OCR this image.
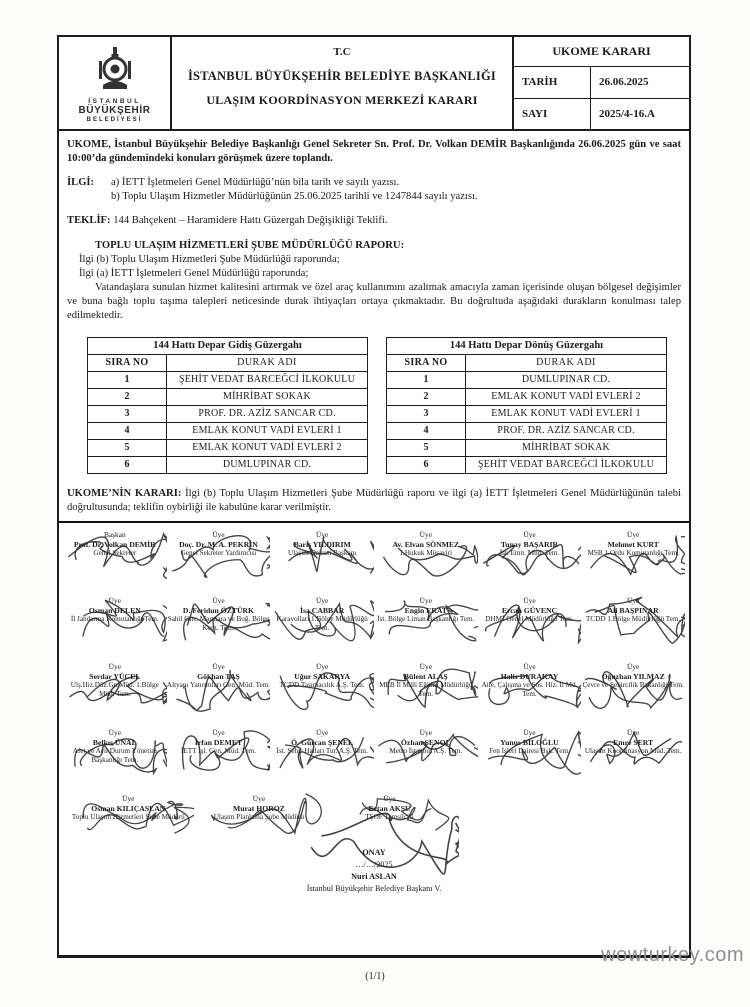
İSTANBUL
BÜYÜKŞEHİR
BELEDİYESİ
T.C
İSTANBUL BÜYÜKŞEHİR BELEDİYE BAŞKANLIĞI
ULAŞIM KOORDİNASYON MERKEZİ KARARI
UKOME KARARI
TARİH	26.06.2025
SAYI	2025/4-16.A
UKOME, İstanbul Büyükşehir Belediye Başkanlığı Genel Sekreter Sn. Prof. Dr. Volkan DEMİR Başkanlığında 26.06.2025 gün ve saat 10:00’da gündemindeki konuları görüşmek üzere toplandı.
İLGİ:	a) İETT İşletmeleri Genel Müdürlüğü’nün bila tarih ve sayılı yazısı.
b) Toplu Ulaşım Hizmetler Müdürlüğünün 25.06.2025 tarihli ve 1247844 sayılı yazısı.
TEKLİF: 144 Bahçekent – Haramidere Hattı Güzergah Değişikliği Teklifi.
TOPLU ULAŞIM HİZMETLERİ ŞUBE MÜDÜRLÜĞÜ RAPORU:
İlgi (b) Toplu Ulaşım Hizmetleri Şube Müdürlüğü raporunda;
İlgi (a) İETT İşletmeleri Genel Müdürlüğü raporunda;
Vatandaşlara sunulan hizmet kalitesini artırmak ve özel araç kullanımını azaltmak amacıyla zaman içerisinde oluşan bölgesel değişimler ve buna bağlı toplu taşıma talepleri neticesinde durak ihtiyaçları ortaya çıkmaktadır. Bu doğrultuda aşağıdaki durakların konulması talep edilmektedir.
144 Hattı Depar Gidiş Güzergahı	
SIRA NO	DURAK ADI
1	ŞEHİT VEDAT BARCEĞCİ İLKOKULU
2	MİHRİBAT SOKAK
3	PROF. DR. AZİZ SANCAR CD.
4	EMLAK KONUT VADİ EVLERİ 1
5	EMLAK KONUT VADİ EVLERİ 2
6	DUMLUPINAR CD.
144 Hattı Depar Dönüş Güzergahı	
SIRA NO	DURAK ADI
1	DUMLUPINAR CD.
2	EMLAK KONUT VADİ EVLERİ 2
3	EMLAK KONUT VADİ EVLERİ 1
4	PROF. DR. AZİZ SANCAR CD.
5	MİHRİBAT SOKAK
6	ŞEHİT VEDAT BARCEĞCİ İLKOKULU
UKOME’NİN KARARI: İlgi (b) Toplu Ulaşım Hizmetleri Şube Müdürlüğü raporu ve ilgi (a) İETT İşletmeleri Genel Müdürlüğünün talebi doğrultusunda; teklifin oybirliği ile kabulüne karar verilmiştir.
Başkan
Prof. Dr. Volkan DEMİR
Genel Sekreter
Üye
Doç. Dr. M. A. PEKRİN
Genel Sekreter Yardımcısı
Üye
Barış YILDIRIM
Ulaşım Dairesi Başkanı
Üye
Av. Elvan SÖNMEZ
1.Hukuk Müşaviri
Üye
Tunay BAŞARIR
İst. Emn. Müd. Tem.
Üye
Mehmet KURT
MSB 1.Ordu Komutanlığı Tem.
Üye
Osman DELEN
İl Jandarma Komutanlığı Tem.
Üye
D. Feridun ÖZTÜRK
Sahil Güv. Marmara ve Boğ. Bölge Kom. Tem.
Üye
İsa CABBAR
Karayolları 1.Bölge Müdürlüğü Tem.
Üye
Engin ERAT
İst. Bölge Liman Başkanlığı Tem.
Üye
Ercan GÜVENÇ
DHMİ Genel Müdürlüğü Tem.
Üye
Ali BAŞPINAR
TCDD 1.Bölge Müdürlüğü Tem.
Üye
Serdar YÜCEL
Ulş.Hiz.Düz.Gn.Müd. 1.Bölge Müd. Tem.
Üye
Gökhan TAŞ
Altyapı Yatırımları Gen. Müd. Tem.
Üye
Uğur SAKARYA
TCDD Taşımacılık A.Ş. Tem.
Üye
Bülent ALAŞ
MEB İl Milli Eğitim Müdürlüğü Tem.
Üye
Halis DURAKAY
Aile, Çalışma ve Sos. Hiz. İl Md. Tem.
Üye
Oğuzhan YILMAZ
Çevre ve Şehircilik Bakanlığı Tem.
Üye
Belkıs ÜNAL
Afet ve Acil Durum Yönetim Başkanlığı Tem.
Üye
İrfan DEMET
İETT İşl. Gen. Müd. Tem.
Üye
Ö. Gürcan ŞENEL
İst. Şehir Hatları Tur. A.Ş. Tem.
Üye
Özhan ŞENOL
Metro İstanbul A.Ş. Tem.
Üye
Yunus BİLOĞLU
Fen İşleri Dairesi Bşk. Tem.
Üye
Emre SERT
Ulaşım Koordinasyon Müd. Tem.
Üye
Osman KILIÇASLAN
Toplu Ulaşım Hizmetleri Şube Müdürü
Üye
Murat HOROZ
Ulaşım Planlama Şube Müdürü
Üye
Ertan AKSU
TŞOF Temsilcisi
ONAY
…/…/2025
Nuri ASLAN
İstanbul Büyükşehir Belediye Başkanı V.
(1/1)
wowturkey.com
